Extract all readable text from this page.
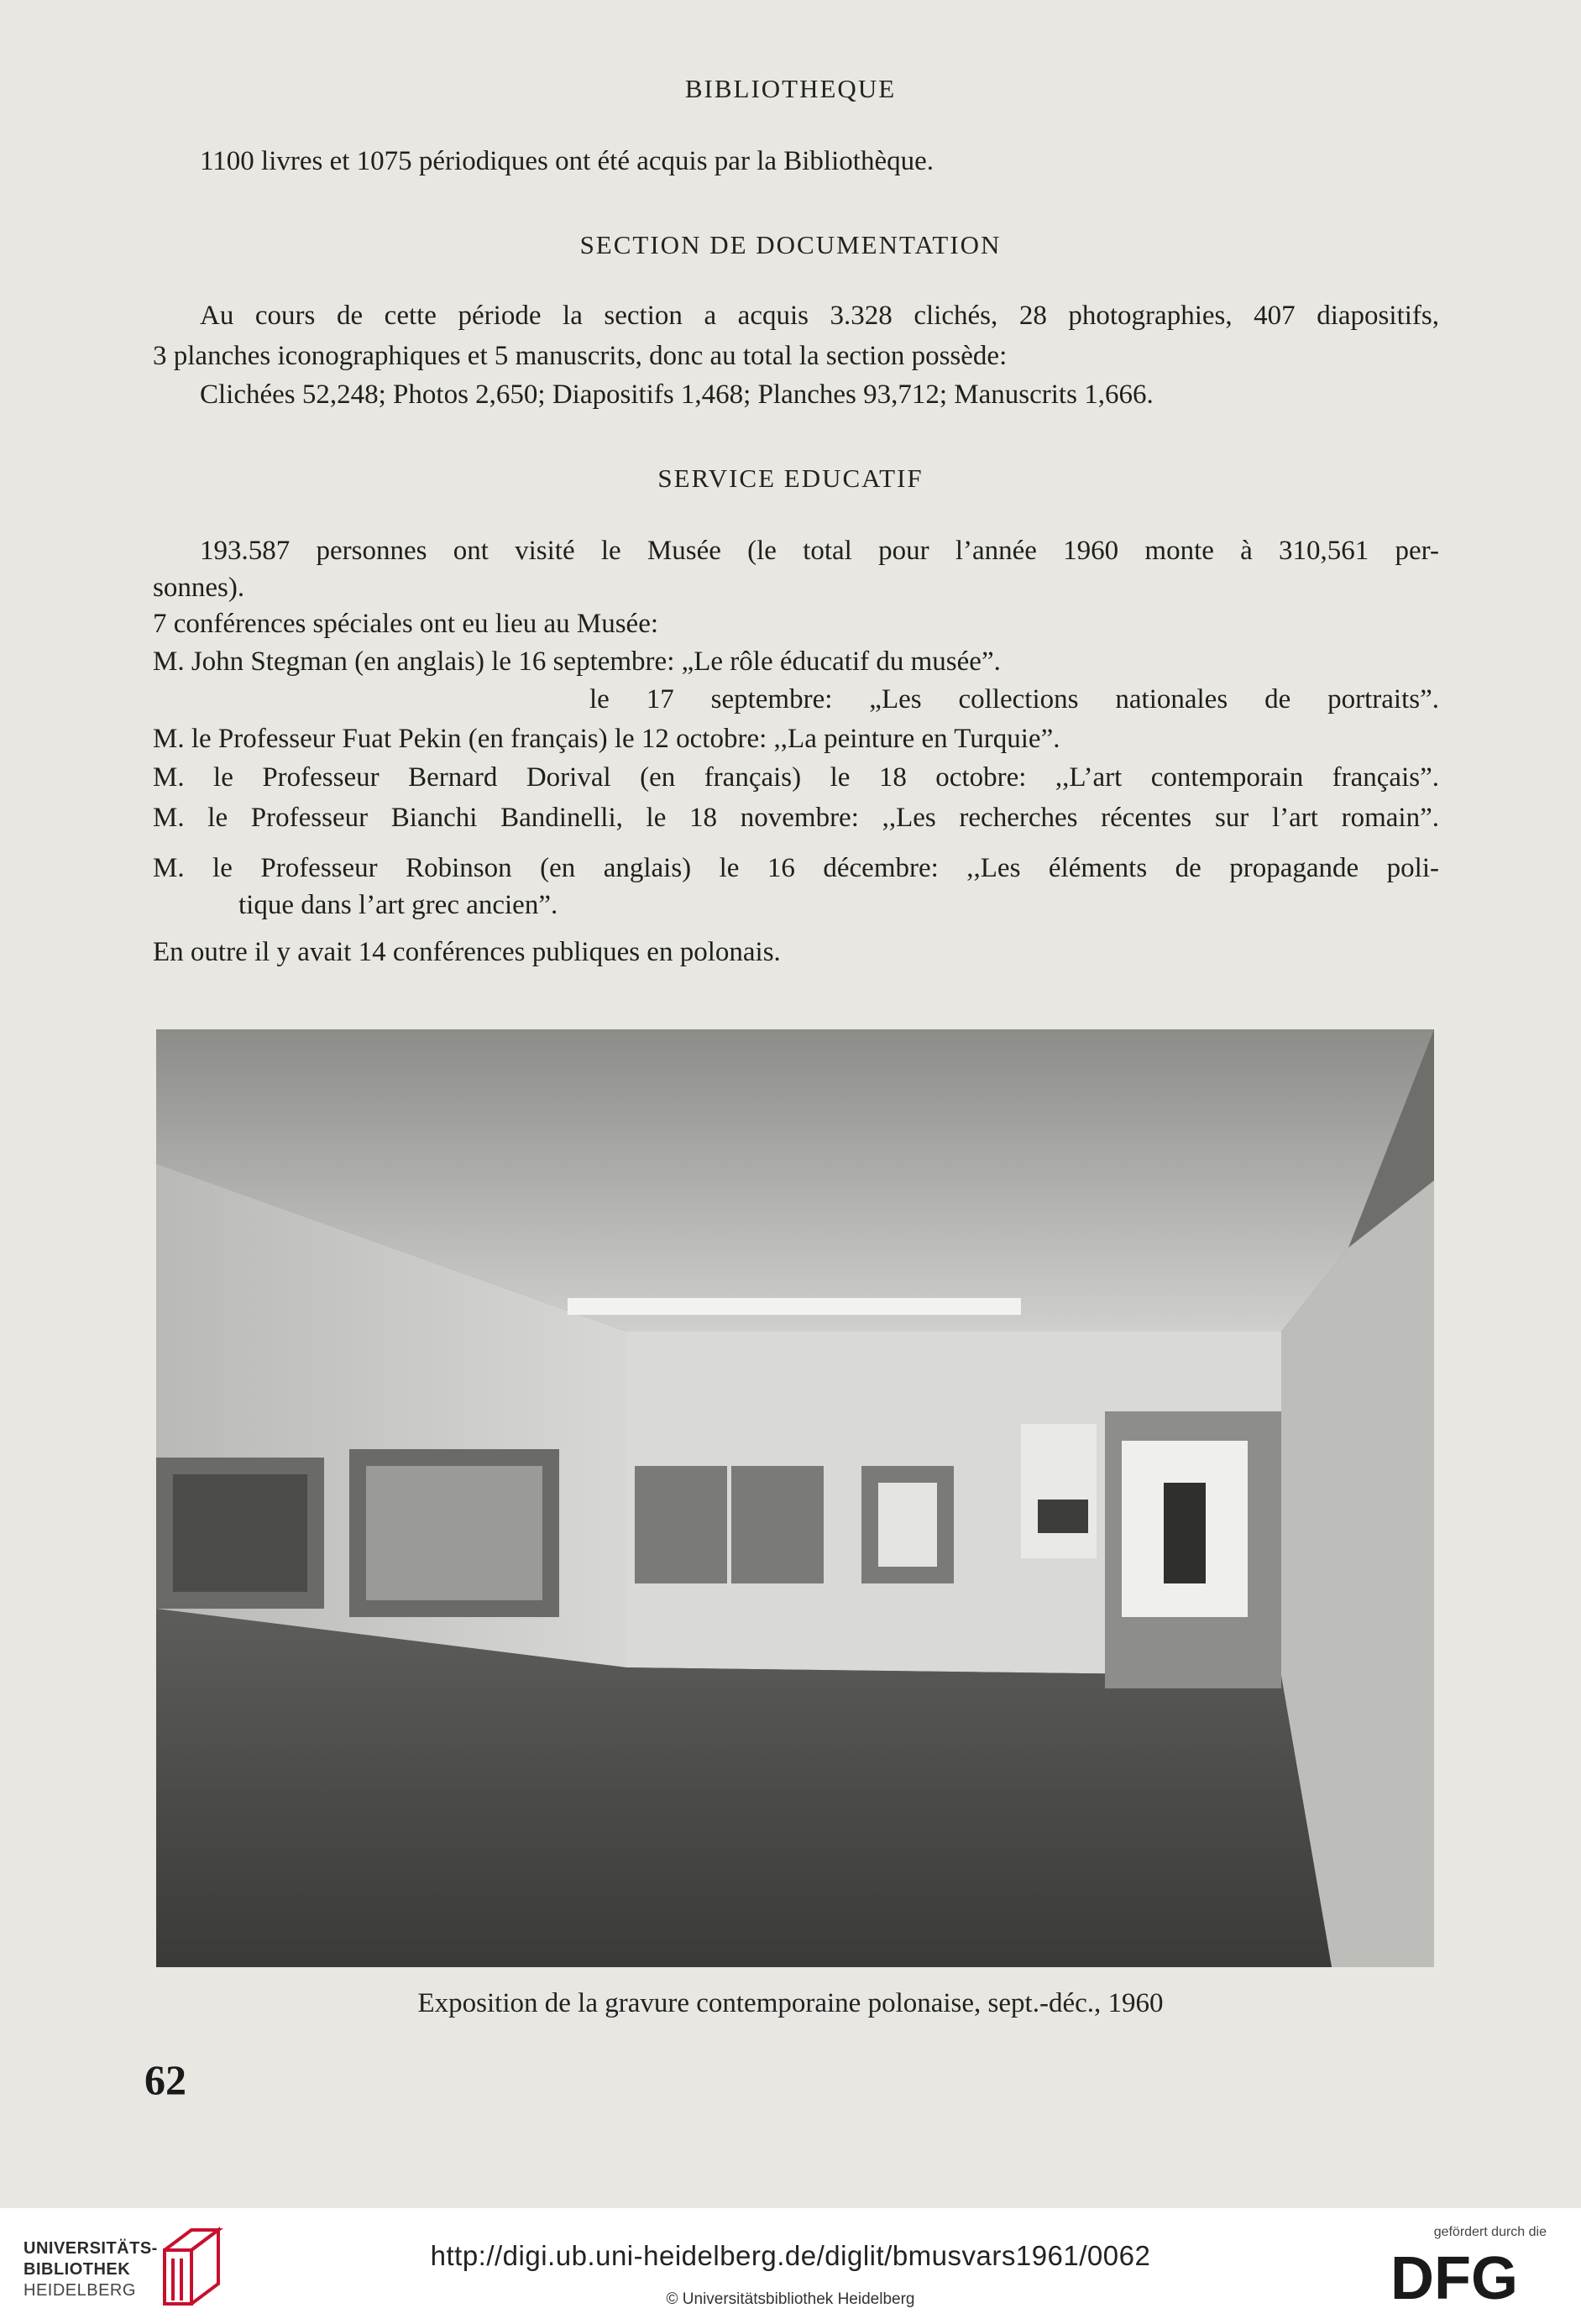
BIBLIOTHEQUE
1100 livres et 1075 périodiques ont été acquis par la Bibliothèque.
SECTION DE DOCUMENTATION
Au cours de cette période la section a acquis 3.328 clichés, 28 photographies, 407 diapositifs,
3 planches iconographiques et 5 manuscrits, donc au total la section possède:
Clichées 52,248; Photos 2,650; Diapositifs 1,468; Planches 93,712; Manuscrits 1,666.
SERVICE EDUCATIF
193.587 personnes ont visité le Musée (le total pour l’année 1960 monte à 310,561 per-
sonnes).
7 conférences spéciales ont eu lieu au Musée:
M. John Stegman (en anglais) le 16 septembre: „Le rôle éducatif du musée”.
le 17 septembre: „Les collections nationales de portraits”.
M. le Professeur Fuat Pekin (en français) le 12 octobre: ,,La peinture en Turquie”.
M. le Professeur Bernard Dorival (en français) le 18 octobre: ,,L’art contemporain français”.
M. le Professeur Bianchi Bandinelli, le 18 novembre: ,,Les recherches récentes sur l’art romain”.
M. le Professeur Robinson (en anglais) le 16 décembre: ,,Les éléments de propagande poli-
tique dans l’art grec ancien”.
En outre il y avait 14 conférences publiques en polonais.
Exposition de la gravure contemporaine polonaise, sept.-déc., 1960
62
UNIVERSITÄTS-
BIBLIOTHEK
HEIDELBERG
http://digi.ub.uni-heidelberg.de/diglit/bmusvars1961/0062
© Universitätsbibliothek Heidelberg
gefördert durch die
DFG
